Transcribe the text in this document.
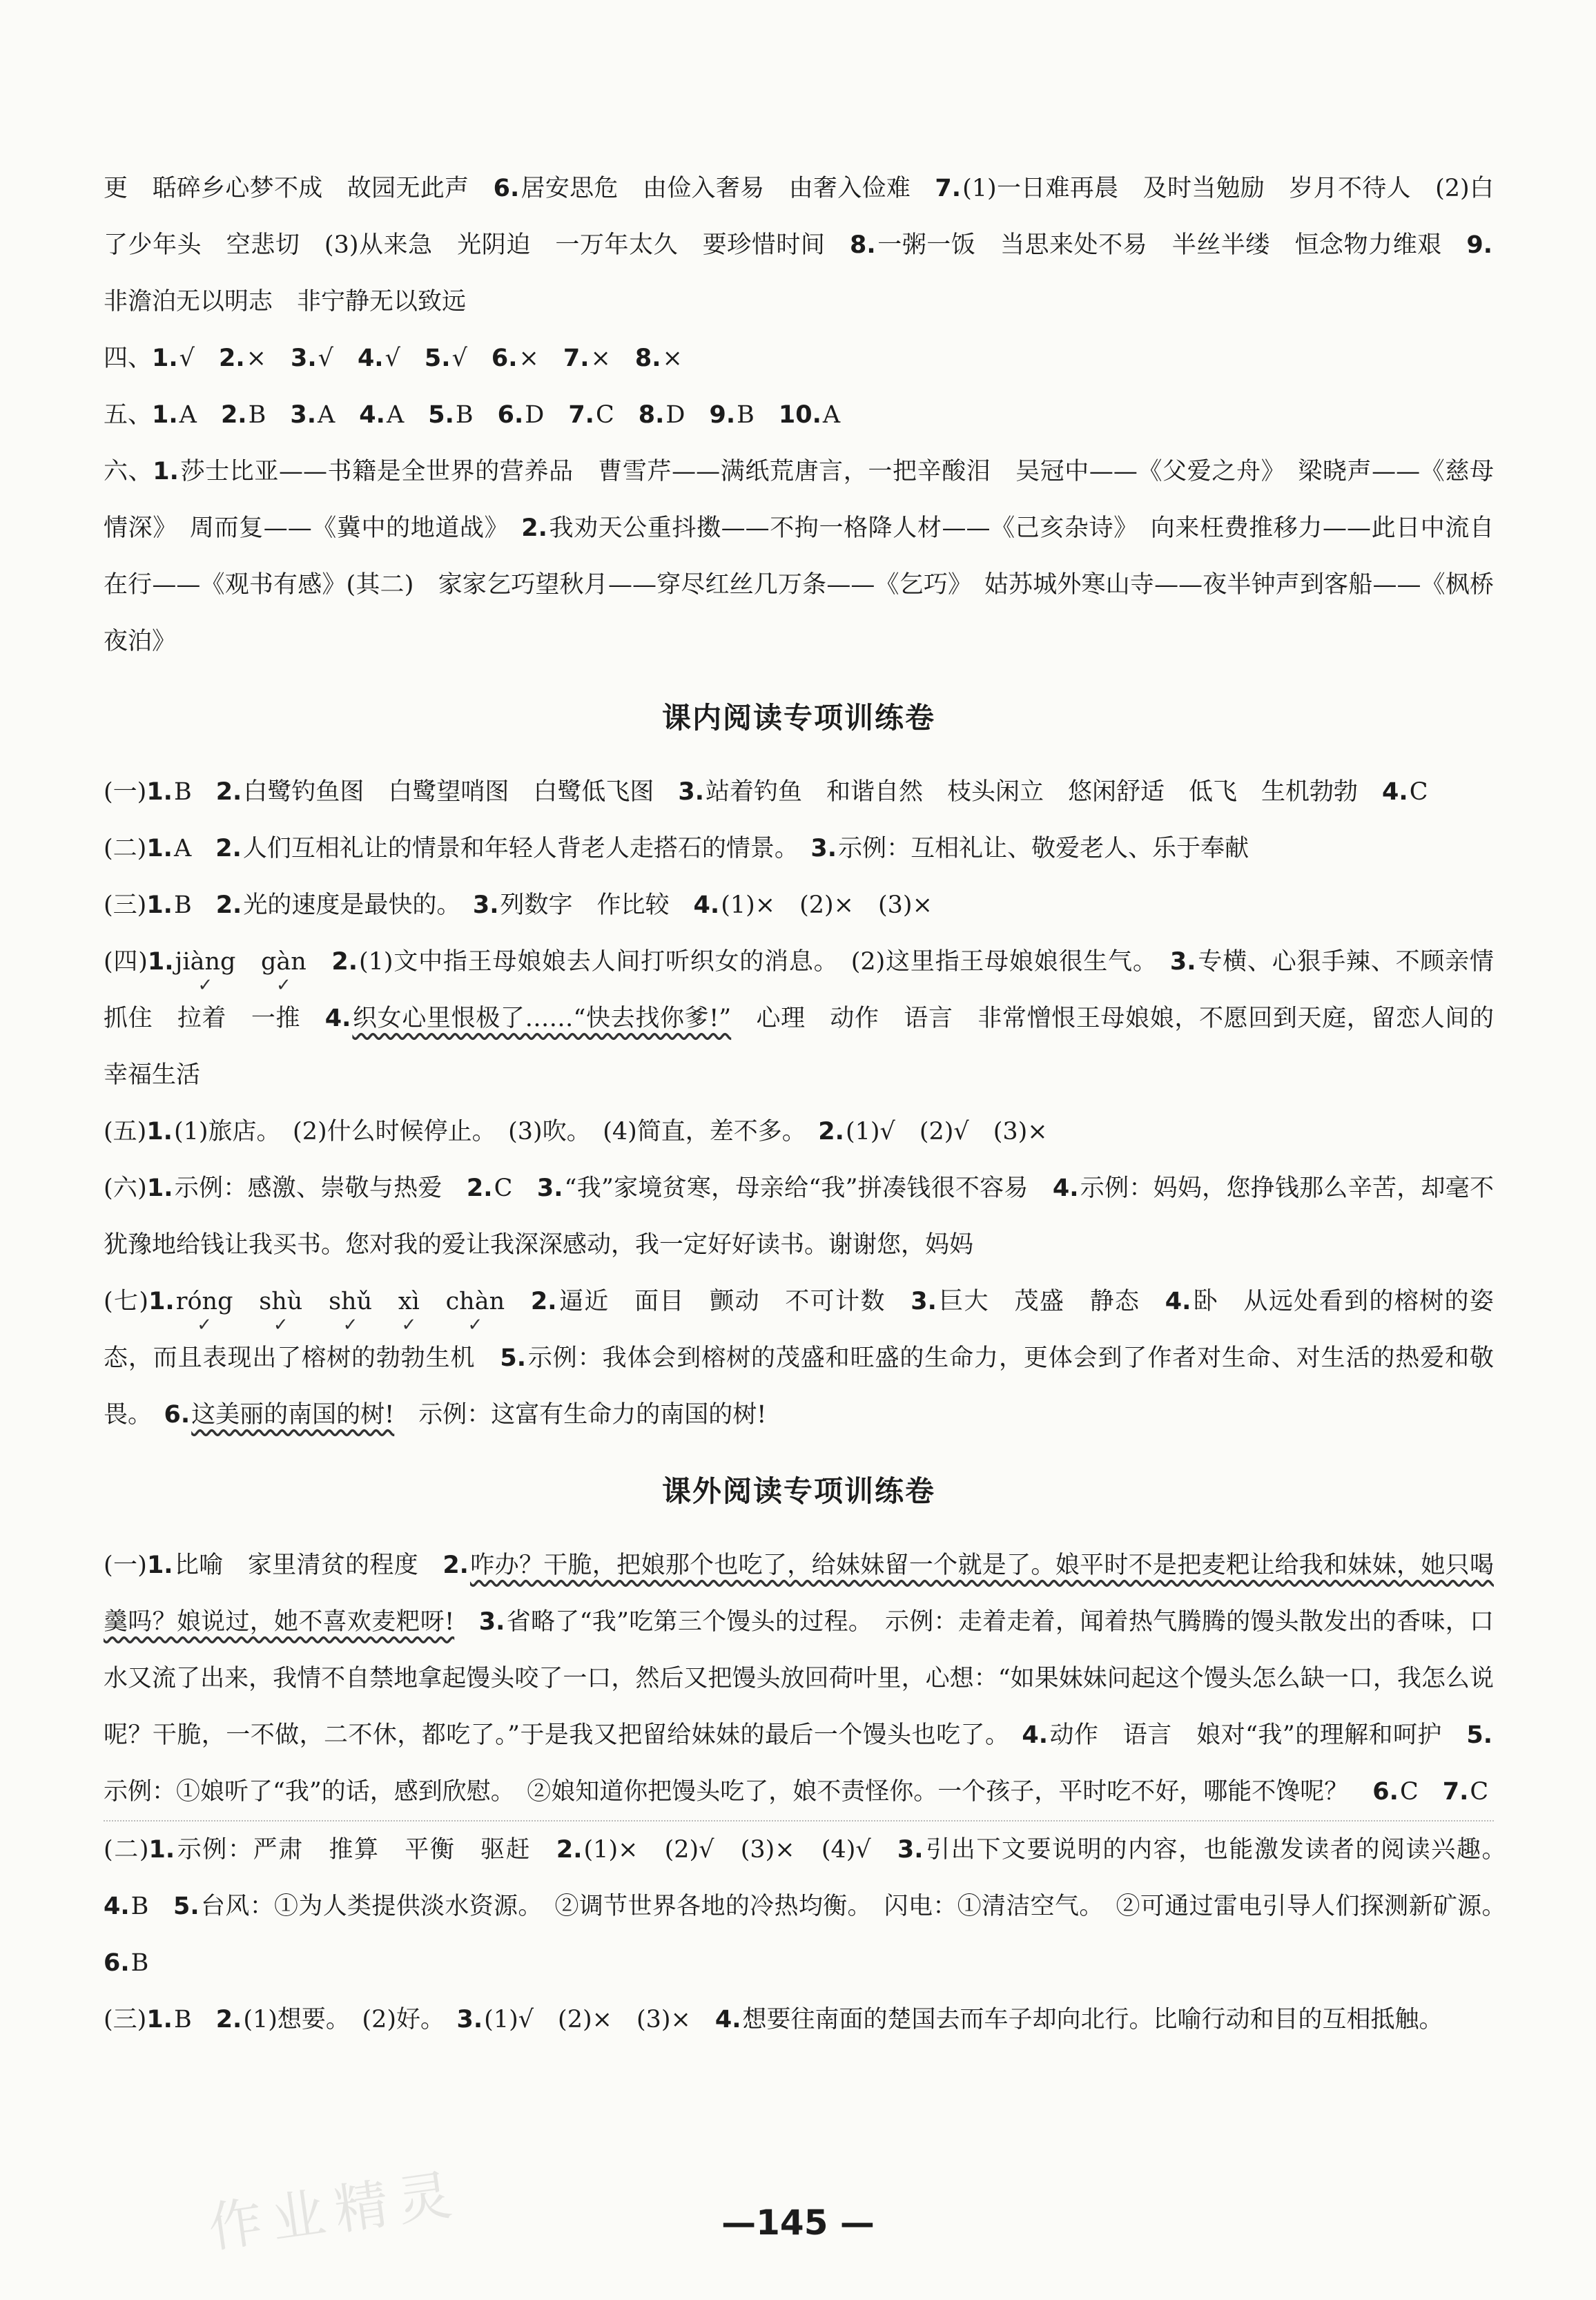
更　聒碎乡心梦不成　故园无此声　6.居安思危　由俭入奢易　由奢入俭难　7.(1)一日难再晨　及时当勉励　岁月不待人　(2)白了少年头　空悲切　(3)从来急　光阴迫　一万年太久　要珍惜时间　8.一粥一饭　当思来处不易　半丝半缕　恒念物力维艰　9.非澹泊无以明志　非宁静无以致远
四、1.√　2.×　3.√　4.√　5.√　6.×　7.×　8.×
五、1.A　2.B　3.A　4.A　5.B　6.D　7.C　8.D　9.B　10.A
六、1.莎士比亚——书籍是全世界的营养品　曹雪芹——满纸荒唐言，一把辛酸泪　吴冠中——《父爱之舟》　梁晓声——《慈母情深》　周而复——《冀中的地道战》　2.我劝天公重抖擞——不拘一格降人材——《己亥杂诗》　向来枉费推移力——此日中流自在行——《观书有感》(其二)　家家乞巧望秋月——穿尽红丝几万条——《乞巧》　姑苏城外寒山寺——夜半钟声到客船——《枫桥夜泊》
课内阅读专项训练卷
(一)1.B　2.白鹭钓鱼图　白鹭望哨图　白鹭低飞图　3.站着钓鱼　和谐自然　枝头闲立　悠闲舒适　低飞　生机勃勃　4.C
(二)1.A　2.人们互相礼让的情景和年轻人背老人走搭石的情景。　3.示例：互相礼让、敬爱老人、乐于奉献
(三)1.B　2.光的速度是最快的。　3.列数字　作比较　4.(1)×　(2)×　(3)×
(四)1.jiàng ✓　 gàn ✓　 2.(1)文中指王母娘娘去人间打听织女的消息。　(2)这里指王母娘娘很生气。　3.专横、心狠手辣、不顾亲情　抓住　拉着　一推　4.织女心里恨极了……“快去找你爹!”　心理　动作　语言　非常憎恨王母娘娘，不愿回到天庭，留恋人间的幸福生活
(五)1.(1)旅店。　(2)什么时候停止。　(3)吹。　(4)简直，差不多。　2.(1)√　(2)√　(3)×
(六)1.示例：感激、崇敬与热爱　2.C　3.“我”家境贫寒，母亲给“我”拼凑钱很不容易　4.示例：妈妈，您挣钱那么辛苦，却毫不犹豫地给钱让我买书。您对我的爱让我深深感动，我一定好好读书。谢谢您，妈妈
(七)1.róng ✓　 shù ✓　 shǔ ✓　 xì ✓　 chàn ✓　 2.逼近　面目　颤动　不可计数　3.巨大　茂盛　静态　4.卧　从远处看到的榕树的姿态，而且表现出了榕树的勃勃生机　5.示例：我体会到榕树的茂盛和旺盛的生命力，更体会到了作者对生命、对生活的热爱和敬畏。　6.这美丽的南国的树!　示例：这富有生命力的南国的树!
课外阅读专项训练卷
(一)1.比喻　家里清贫的程度　2.咋办？干脆，把娘那个也吃了，给妹妹留一个就是了。娘平时不是把麦粑让给我和妹妹，她只喝羹吗？娘说过，她不喜欢麦粑呀!　 3.省略了“我”吃第三个馒头的过程。　示例：走着走着，闻着热气腾腾的馒头散发出的香味，口水又流了出来，我情不自禁地拿起馒头咬了一口，然后又把馒头放回荷叶里，心想：“如果妹妹问起这个馒头怎么缺一口，我怎么说呢？干脆，一不做，二不休，都吃了。”于是我又把留给妹妹的最后一个馒头也吃了。　4.动作　语言　娘对“我”的理解和呵护　5.示例：①娘听了“我”的话，感到欣慰。　②娘知道你把馒头吃了，娘不责怪你。一个孩子，平时吃不好，哪能不馋呢？　6.C　7.C
(二)1.示例：严肃　推算　平衡　驱赶　2.(1)×　(2)√　(3)×　(4)√　3.引出下文要说明的内容，也能激发读者的阅读兴趣。　4.B　5.台风：①为人类提供淡水资源。　②调节世界各地的冷热均衡。　闪电：①清洁空气。　②可通过雷电引导人们探测新矿源。　6.B
(三)1.B　2.(1)想要。　(2)好。　3.(1)√　(2)×　(3)×　4.想要往南面的楚国去而车子却向北行。比喻行动和目的互相抵触。
—145 —
作业精灵
